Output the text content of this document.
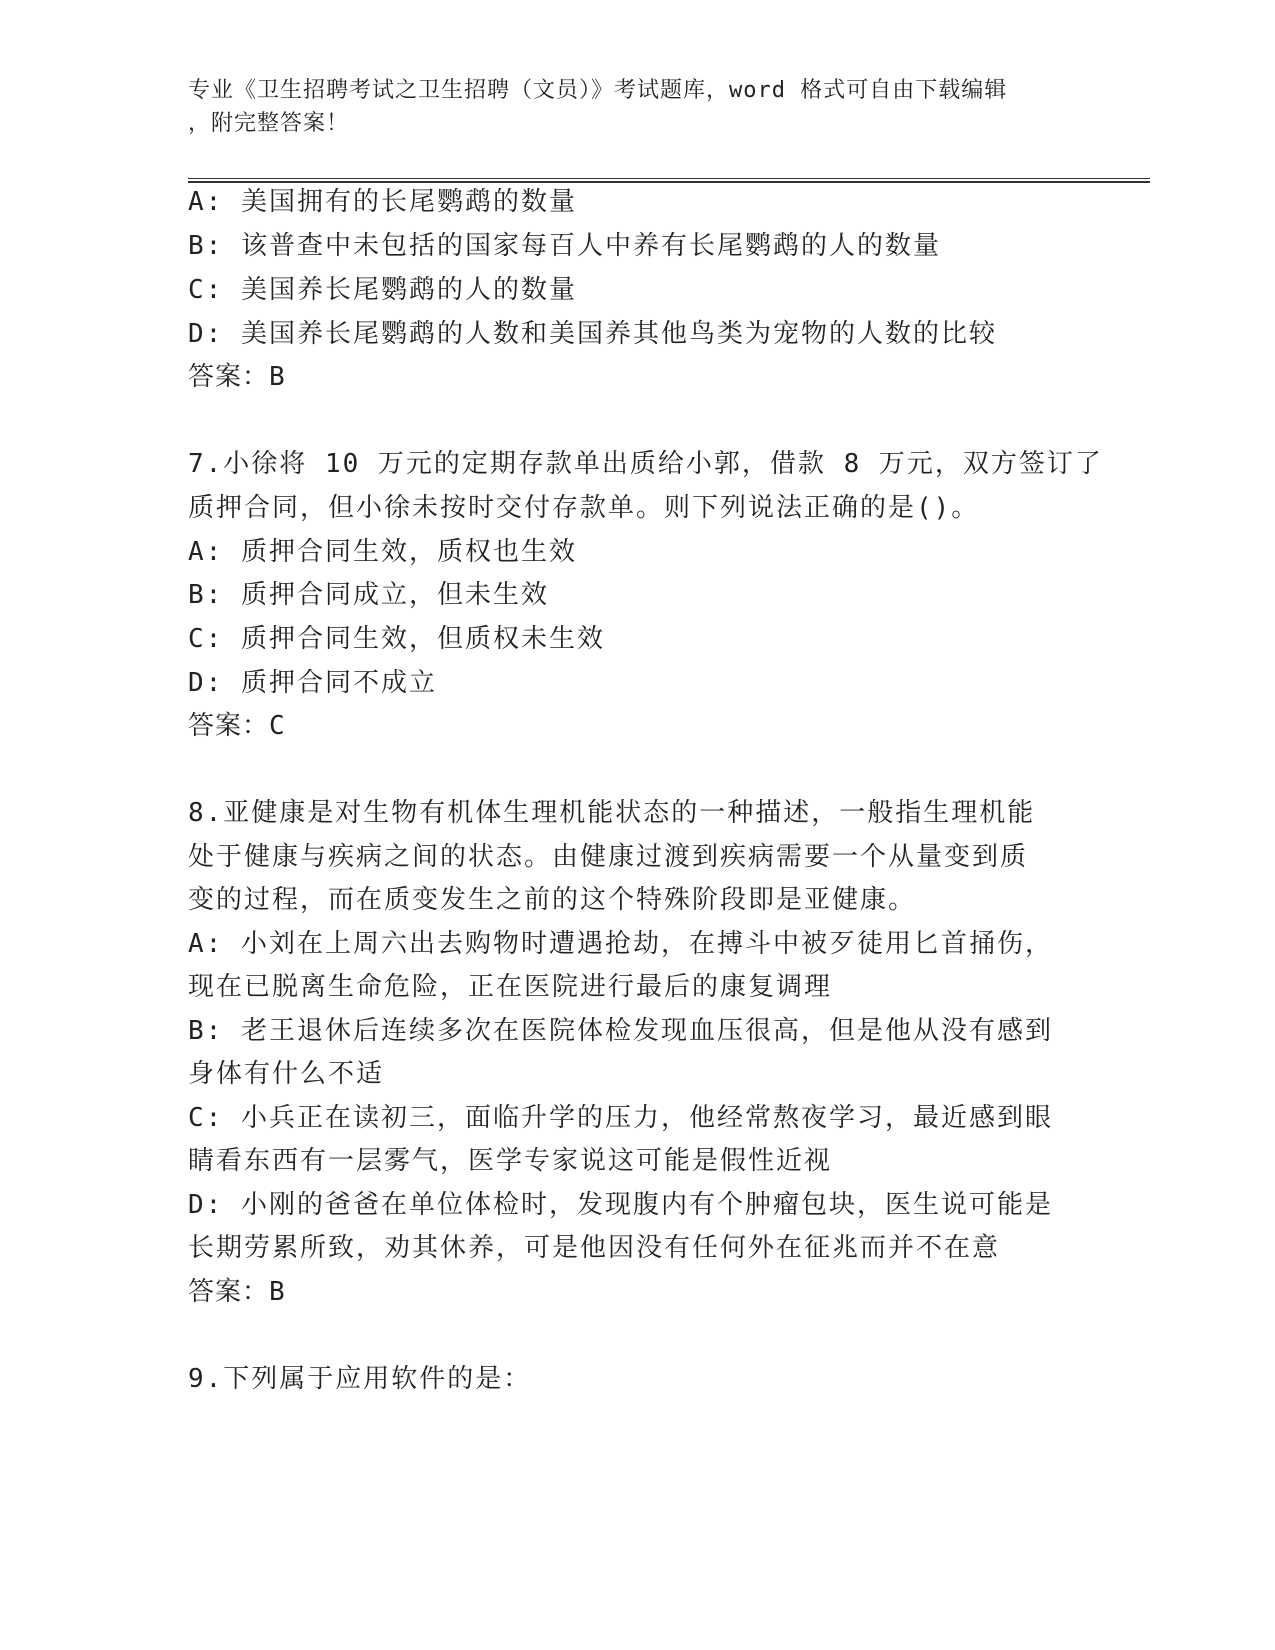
专业《卫生招聘考试之卫生招聘（文员）》考试题库，word 格式可自由下载编辑
，附完整答案！
A: 美国拥有的长尾鹦鹉的数量
B: 该普查中未包括的国家每百人中养有长尾鹦鹉的人的数量
C: 美国养长尾鹦鹉的人的数量
D: 美国养长尾鹦鹉的人数和美国养其他鸟类为宠物的人数的比较
答案：B
7.小徐将 10 万元的定期存款单出质给小郭，借款 8 万元，双方签订了
质押合同，但小徐未按时交付存款单。则下列说法正确的是()。
A: 质押合同生效，质权也生效
B: 质押合同成立，但未生效
C: 质押合同生效，但质权未生效
D: 质押合同不成立
答案：C
8.亚健康是对生物有机体生理机能状态的一种描述，一般指生理机能
处于健康与疾病之间的状态。由健康过渡到疾病需要一个从量变到质
变的过程，而在质变发生之前的这个特殊阶段即是亚健康。
A: 小刘在上周六出去购物时遭遇抢劫，在搏斗中被歹徒用匕首捅伤，
现在已脱离生命危险，正在医院进行最后的康复调理
B: 老王退休后连续多次在医院体检发现血压很高，但是他从没有感到
身体有什么不适
C: 小兵正在读初三，面临升学的压力，他经常熬夜学习，最近感到眼
睛看东西有一层雾气，医学专家说这可能是假性近视
D: 小刚的爸爸在单位体检时，发现腹内有个肿瘤包块，医生说可能是
长期劳累所致，劝其休养，可是他因没有任何外在征兆而并不在意
答案：B
9.下列属于应用软件的是：
